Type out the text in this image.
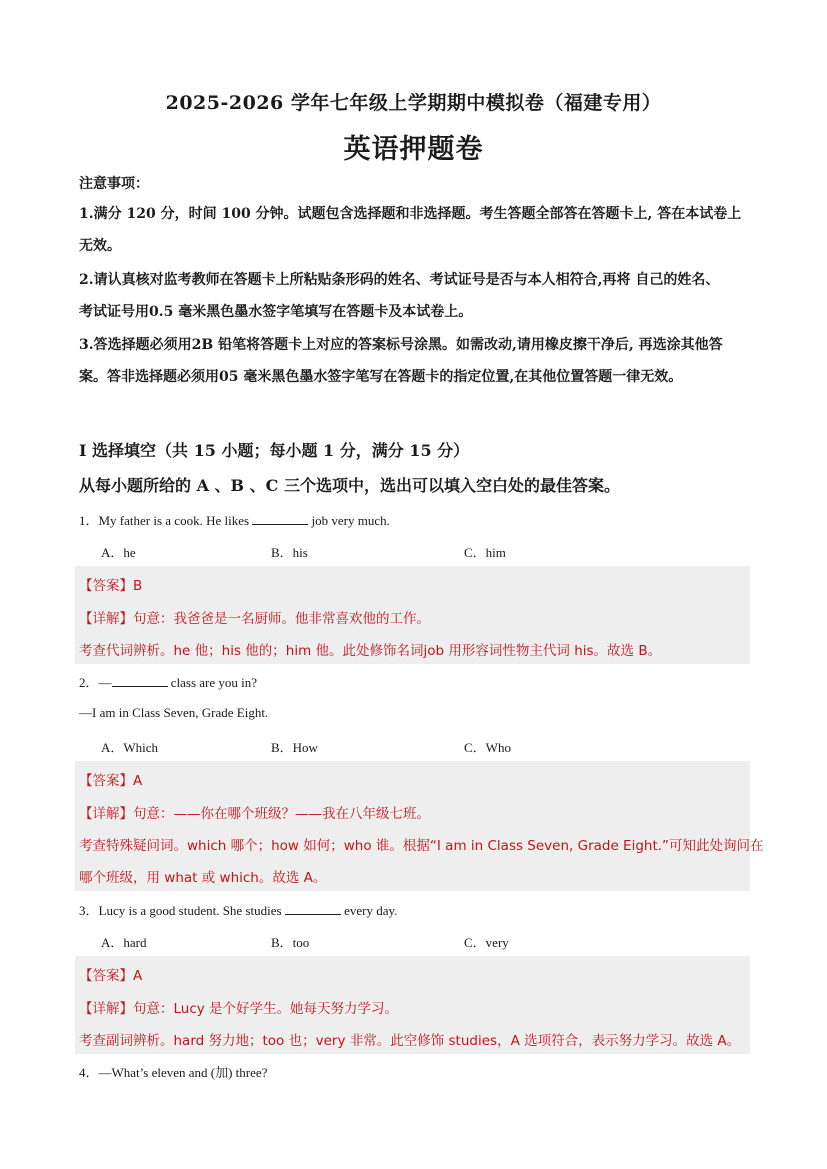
2025-2026 学年七年级上学期期中模拟卷（福建专用）
英语押题卷
注意事项：
1.满分 120 分，时间 100 分钟。试题包含选择题和非选择题。考生答题全部答在答题卡上, 答在本试卷上
无效。
2.请认真核对监考教师在答题卡上所粘贴条形码的姓名、考试证号是否与本人相符合,再将 自己的姓名、
考试证号用0.5 毫米黑色墨水签字笔填写在答题卡及本试卷上。
3.答选择题必须用2B 铅笔将答题卡上对应的答案标号涂黑。如需改动,请用橡皮擦干净后, 再选涂其他答
案。答非选择题必须用05 毫米黑色墨水签字笔写在答题卡的指定位置,在其他位置答题一律无效。
I 选择填空（共 15 小题；每小题 1 分，满分 15 分）
从每小题所给的 A 、B 、C 三个选项中，选出可以填入空白处的最佳答案。
1．My father is a cook. He likes	job very much.
A．he	B．his	C．him
【答案】B
【详解】句意：我爸爸是一名厨师。他非常喜欢他的工作。
考查代词辨析。he 他；his 他的；him 他。此处修饰名词job 用形容词性物主代词 his。故选 B。
2．—	class are you in?
—I am in Class Seven, Grade Eight.
A．Which	B．How	C．Who
【答案】A
【详解】句意：——你在哪个班级？——我在八年级七班。
考查特殊疑问词。which 哪个；how 如何；who 谁。根据“I am in Class Seven, Grade Eight.”可知此处询问在
哪个班级，用 what 或 which。故选 A。
3．Lucy is a good student. She studies	every day.
A．hard	B．too	C．very
【答案】A
【详解】句意：Lucy 是个好学生。她每天努力学习。
考查副词辨析。hard 努力地；too 也；very 非常。此空修饰 studies，A 选项符合，表示努力学习。故选 A。
4．—What’s eleven and (加) three?
